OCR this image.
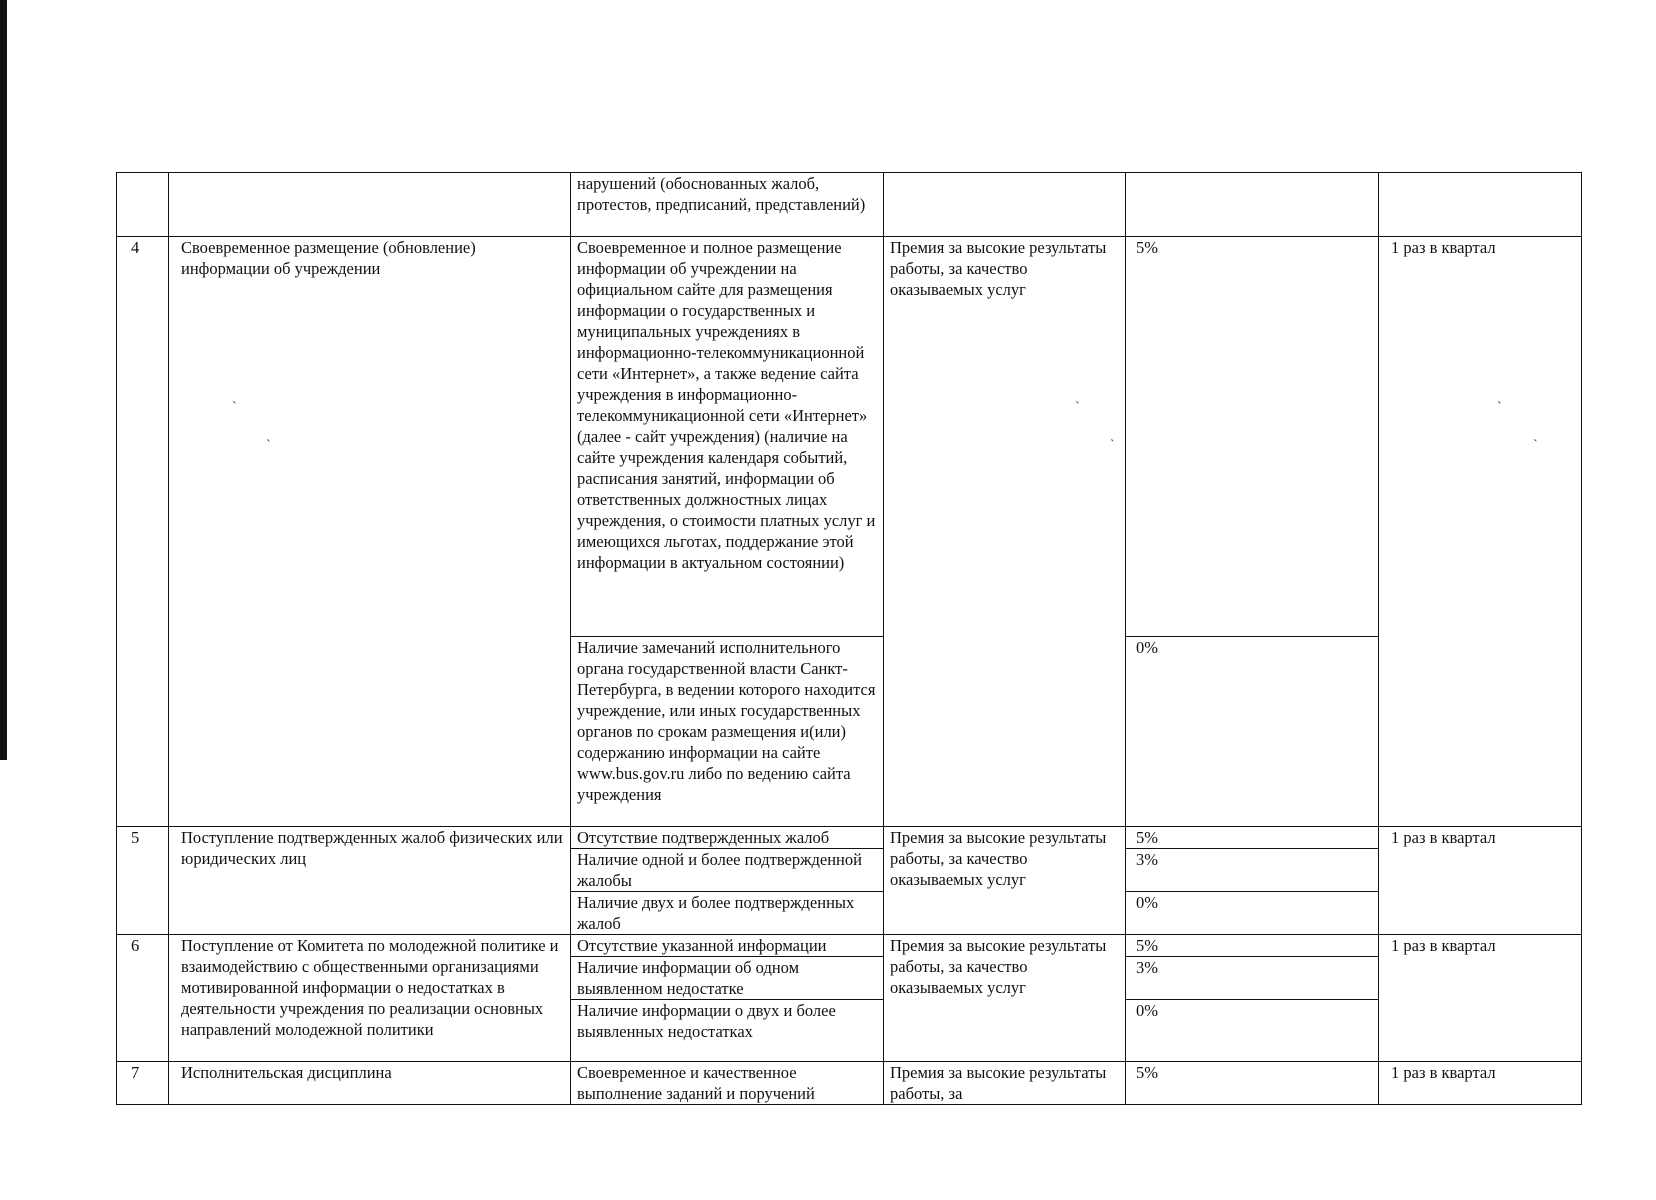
		нарушений (обоснованных жалоб, протестов, предписаний, представлений)			
4	Своевременное размещение (обновление) информации об учреждении	Своевременное и полное размещение информации об учреждении на официальном сайте для размещения информации о государственных и муниципальных учреждениях в информационно-телекоммуникационной сети «Интернет», а также ведение сайта учреждения в информационно-телекоммуникационной сети «Интернет» (далее - сайт учреждения) (наличие на сайте учреждения календаря событий, расписания занятий, информации об ответственных должностных лицах учреждения, о стоимости платных услуг и имеющихся льготах, поддержание этой информации в актуальном состоянии)	Премия за высокие результаты работы, за качество оказываемых услуг	5%	1 раз в квартал
		Наличие замечаний исполнительного органа государственной власти Санкт-Петербурга, в ведении которого находится учреждение, или иных государственных органов по срокам размещения и(или) содержанию информации на сайте www.bus.gov.ru либо по ведению сайта учреждения		0%	
5	Поступление подтвержденных жалоб физических или юридических лиц	Отсутствие подтвержденных жалоб	Премия за высокие результаты работы, за качество оказываемых услуг	5%	1 раз в квартал
		Наличие одной и более подтвержденной жалобы		3%	
		Наличие двух и более подтвержденных жалоб		0%	
6	Поступление от Комитета по молодежной политике и взаимодействию с общественными организациями мотивированной информации о недостатках в деятельности учреждения по реализации основных направлений молодежной политики	Отсутствие указанной информации	Премия за высокие результаты работы, за качество оказываемых услуг	5%	1 раз в квартал
		Наличие информации об одном выявленном недостатке		3%	
		Наличие информации о двух и более выявленных недостатках		0%	
7	Исполнительская дисциплина	Своевременное и качественное выполнение заданий и поручений	Премия за высокие результаты работы, за	5%	1 раз в квартал
ˋ
˴
ˋ
˴
ˋ
˴
